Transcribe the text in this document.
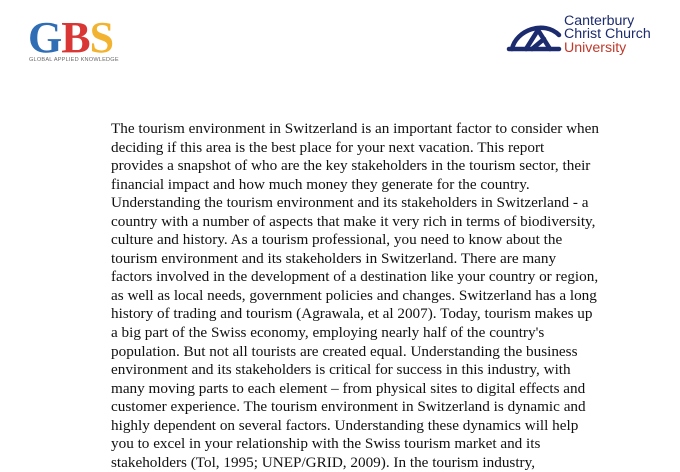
GBS
GLOBAL APPLIED KNOWLEDGE
Canterbury
Christ Church
University
The tourism environment in Switzerland is an important factor to consider when
deciding if this area is the best place for your next vacation. This report
provides a snapshot of who are the key stakeholders in the tourism sector, their
financial impact and how much money they generate for the country.
Understanding the tourism environment and its stakeholders in Switzerland - a
country with a number of aspects that make it very rich in terms of biodiversity,
culture and history. As a tourism professional, you need to know about the
tourism environment and its stakeholders in Switzerland. There are many
factors involved in the development of a destination like your country or region,
as well as local needs, government policies and changes. Switzerland has a long
history of trading and tourism (Agrawala, et al 2007). Today, tourism makes up
a big part of the Swiss economy, employing nearly half of the country's
population. But not all tourists are created equal. Understanding the business
environment and its stakeholders is critical for success in this industry, with
many moving parts to each element – from physical sites to digital effects and
customer experience. The tourism environment in Switzerland is dynamic and
highly dependent on several factors. Understanding these dynamics will help
you to excel in your relationship with the Swiss tourism market and its
stakeholders (Tol, 1995; UNEP/GRID, 2009). In the tourism industry,
